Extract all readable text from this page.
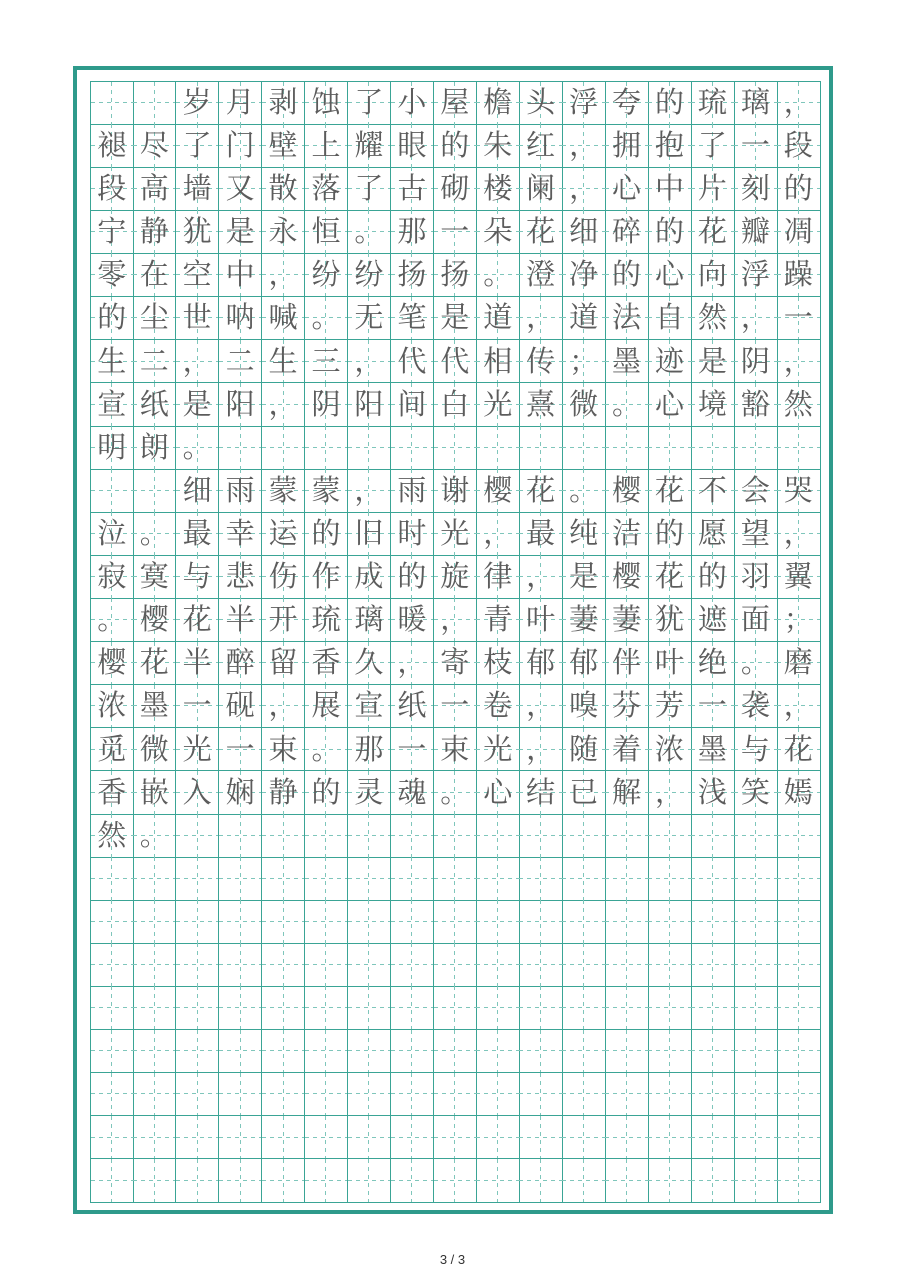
岁 月 剥 蚀 了 小 屋 檐 头 浮 夸 的 琉 璃 ，
褪 尽 了 门 壁 上 耀 眼 的 朱 红 ， 拥 抱 了 一 段
段 高 墙 又 散 落 了 古 砌 楼 阑 ， 心 中 片 刻 的
宁 静 犹 是 永 恒 。 那 一 朵 花 细 碎 的 花 瓣 凋
零 在 空 中 ， 纷 纷 扬 扬 。 澄 净 的 心 向 浮 躁
的 尘 世 呐 喊 。 无 笔 是 道 ， 道 法 自 然 ， 一
生 二 ， 二 生 三 ， 代 代 相 传 ； 墨 迹 是 阴 ，
宣 纸 是 阳 ， 阴 阳 间 白 光 熹 微 。 心 境 豁 然
明 朗 。
细 雨 蒙 蒙 ， 雨 谢 樱 花 。 樱 花 不 会 哭
泣 。 最 幸 运 的 旧 时 光 ， 最 纯 洁 的 愿 望 ，
寂 寞 与 悲 伤 作 成 的 旋 律 ， 是 樱 花 的 羽 翼
。 樱 花 半 开 琉 璃 暖 ， 青 叶 萋 萋 犹 遮 面 ；
樱 花 半 醉 留 香 久 ， 寄 枝 郁 郁 伴 叶 绝 。 磨
浓 墨 一 砚 ， 展 宣 纸 一 卷 ， 嗅 芬 芳 一 袭 ，
觅 微 光 一 束 。 那 一 束 光 ， 随 着 浓 墨 与 花
香 嵌 入 娴 静 的 灵 魂 。 心 结 已 解 ， 浅 笑 嫣
然 。
3 / 3
